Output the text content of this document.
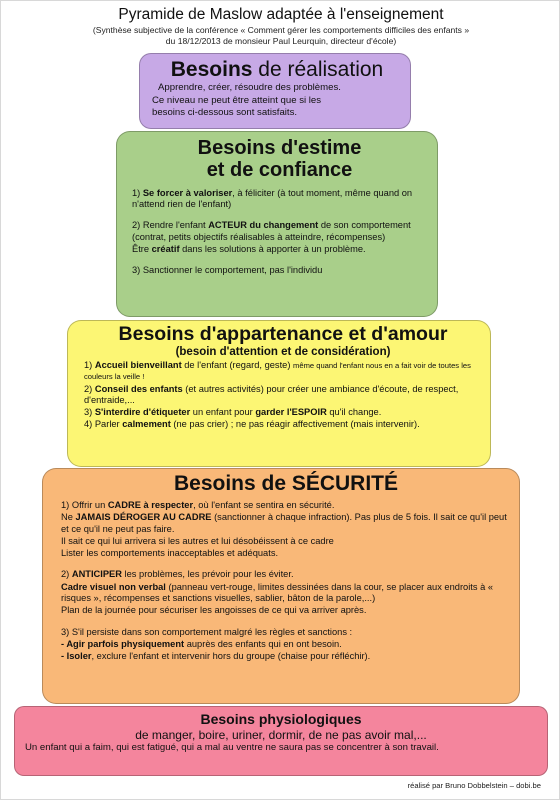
Pyramide de Maslow adaptée à l'enseignement
(Synthèse subjective de la conférence « Comment gérer les comportements difficiles des enfants »
du 18/12/2013 de monsieur Paul Leurquin, directeur d'école)
Besoins de réalisation

Apprendre, créer, résoudre des problèmes.

Ce niveau ne peut être atteint que si les

besoins ci-dessous sont satisfaits.

Besoins d'estime
et de confiance

1) Se forcer à valoriser, à féliciter (à tout moment, même quand on n'attend rien de l'enfant)

2) Rendre l'enfant ACTEUR du changement de son comportement (contrat, petits objectifs réalisables à atteindre, récompenses)

Être créatif dans les solutions à apporter à un problème.

3) Sanctionner le comportement, pas l'individu

Besoins d'appartenance et d'amour
(besoin d'attention et de considération)

1) Accueil bienveillant de l'enfant (regard, geste) même quand l'enfant nous en a fait voir de toutes les couleurs la veille !

2) Conseil des enfants (et autres activités) pour créer une ambiance d'écoute, de respect, d'entraide,...

3) S'interdire d'étiqueter un enfant pour garder l'ESPOIR qu'il change.

4) Parler calmement (ne pas crier) ; ne pas réagir affectivement (mais intervenir).

Besoins de SÉCURITÉ

1) Offrir un CADRE à respecter, où l'enfant se sentira en sécurité.

Ne JAMAIS DÉROGER AU CADRE (sanctionner à chaque infraction). Pas plus de 5 fois. Il sait ce qu'il peut et ce qu'il ne peut pas faire.

Il sait ce qui lui arrivera si les autres et lui désobéissent à ce cadre

Lister les comportements inacceptables et adéquats.

2) ANTICIPER les problèmes, les prévoir pour les éviter.

Cadre visuel non verbal (panneau vert-rouge, limites dessinées dans la cour, se placer aux endroits à « risques », récompenses et sanctions visuelles, sablier, bâton de la parole,...)

Plan de la journée pour sécuriser les angoisses de ce qui va arriver après.

3) S'il persiste dans son comportement malgré les règles et sanctions :

- Agir parfois physiquement auprès des enfants qui en ont besoin.

- Isoler, exclure l'enfant et intervenir hors du groupe (chaise pour réfléchir).

Besoins physiologiques
de manger, boire, uriner, dormir, de ne pas avoir mal,...

Un enfant qui a faim, qui est fatigué, qui a mal au ventre ne saura pas se concentrer à son travail.

réalisé par Bruno Dobbelstein – dobi.be
